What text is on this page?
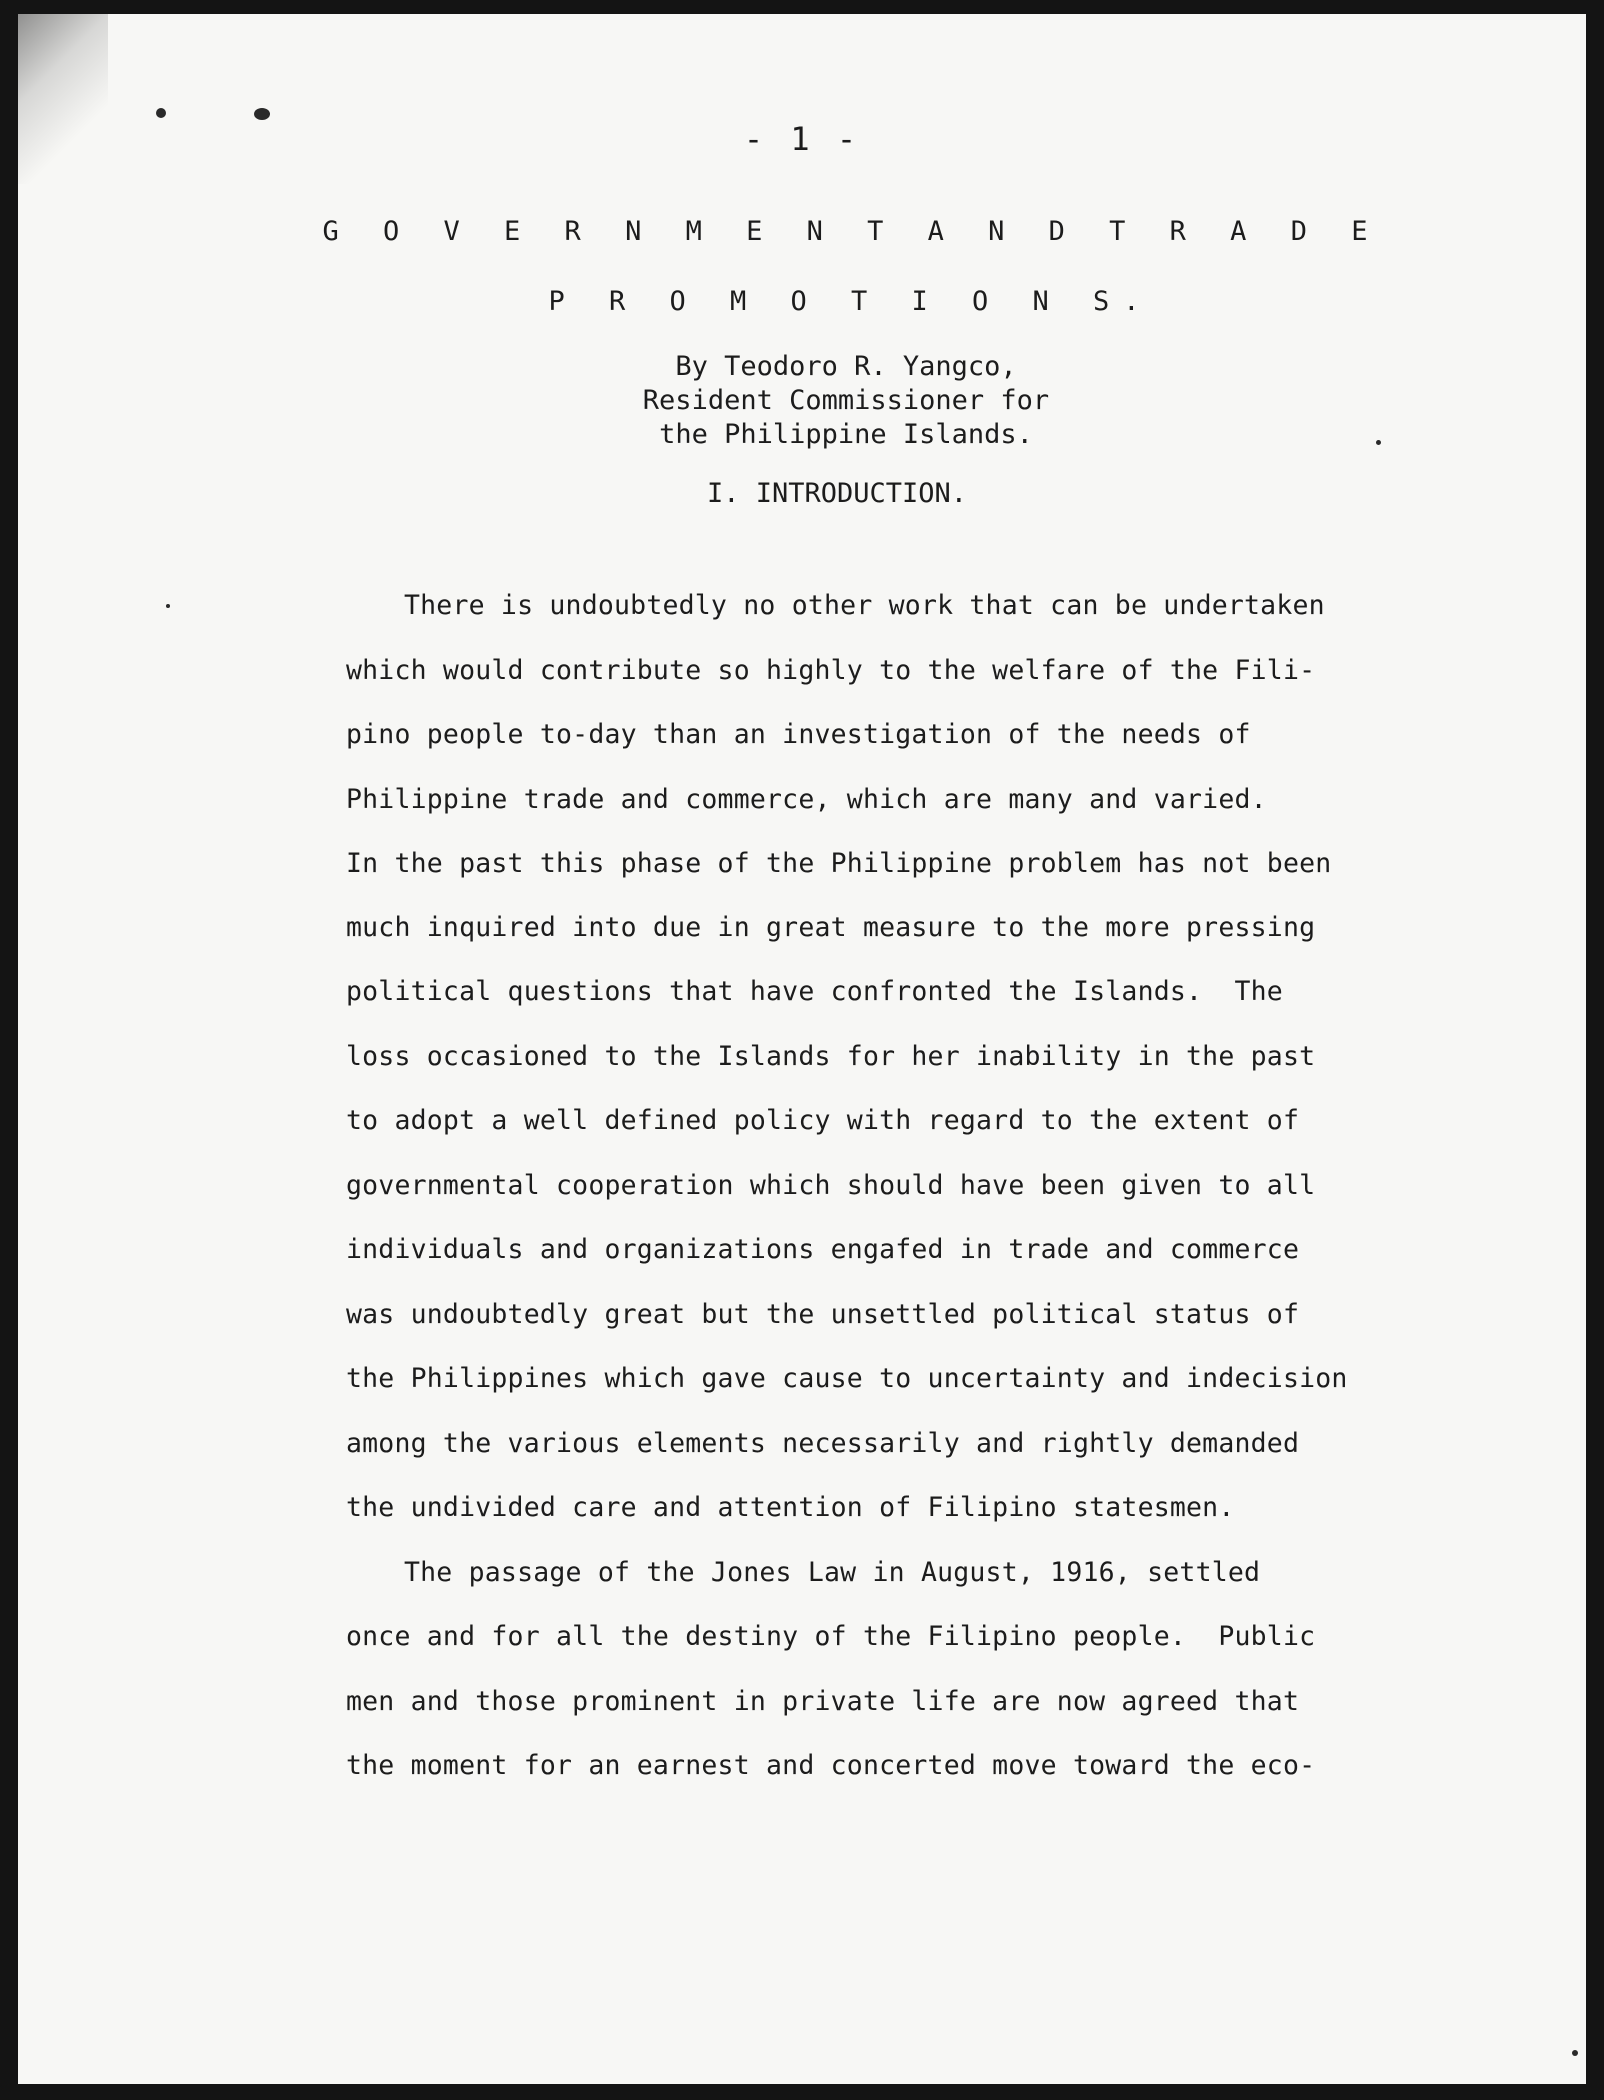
- 1 -
G O V E R N M E N T A N D T R A D E
P R O M O T I O N S.
By Teodoro R. Yangco,
Resident Commissioner for
the Philippine Islands.
I. INTRODUCTION.
There is undoubtedly no other work that can be undertaken
which would contribute so highly to the welfare of the Fili-
pino people to-day than an investigation of the needs of
Philippine trade and commerce, which are many and varied.
In the past this phase of the Philippine problem has not been
much inquired into due in great measure to the more pressing
political questions that have confronted the Islands.  The
loss occasioned to the Islands for her inability in the past
to adopt a well defined policy with regard to the extent of
governmental cooperation which should have been given to all
individuals and organizations engafed in trade and commerce
was undoubtedly great but the unsettled political status of
the Philippines which gave cause to uncertainty and indecision
among the various elements necessarily and rightly demanded
the undivided care and attention of Filipino statesmen.
The passage of the Jones Law in August, 1916, settled
once and for all the destiny of the Filipino people.  Public
men and those prominent in private life are now agreed that
the moment for an earnest and concerted move toward the eco-
